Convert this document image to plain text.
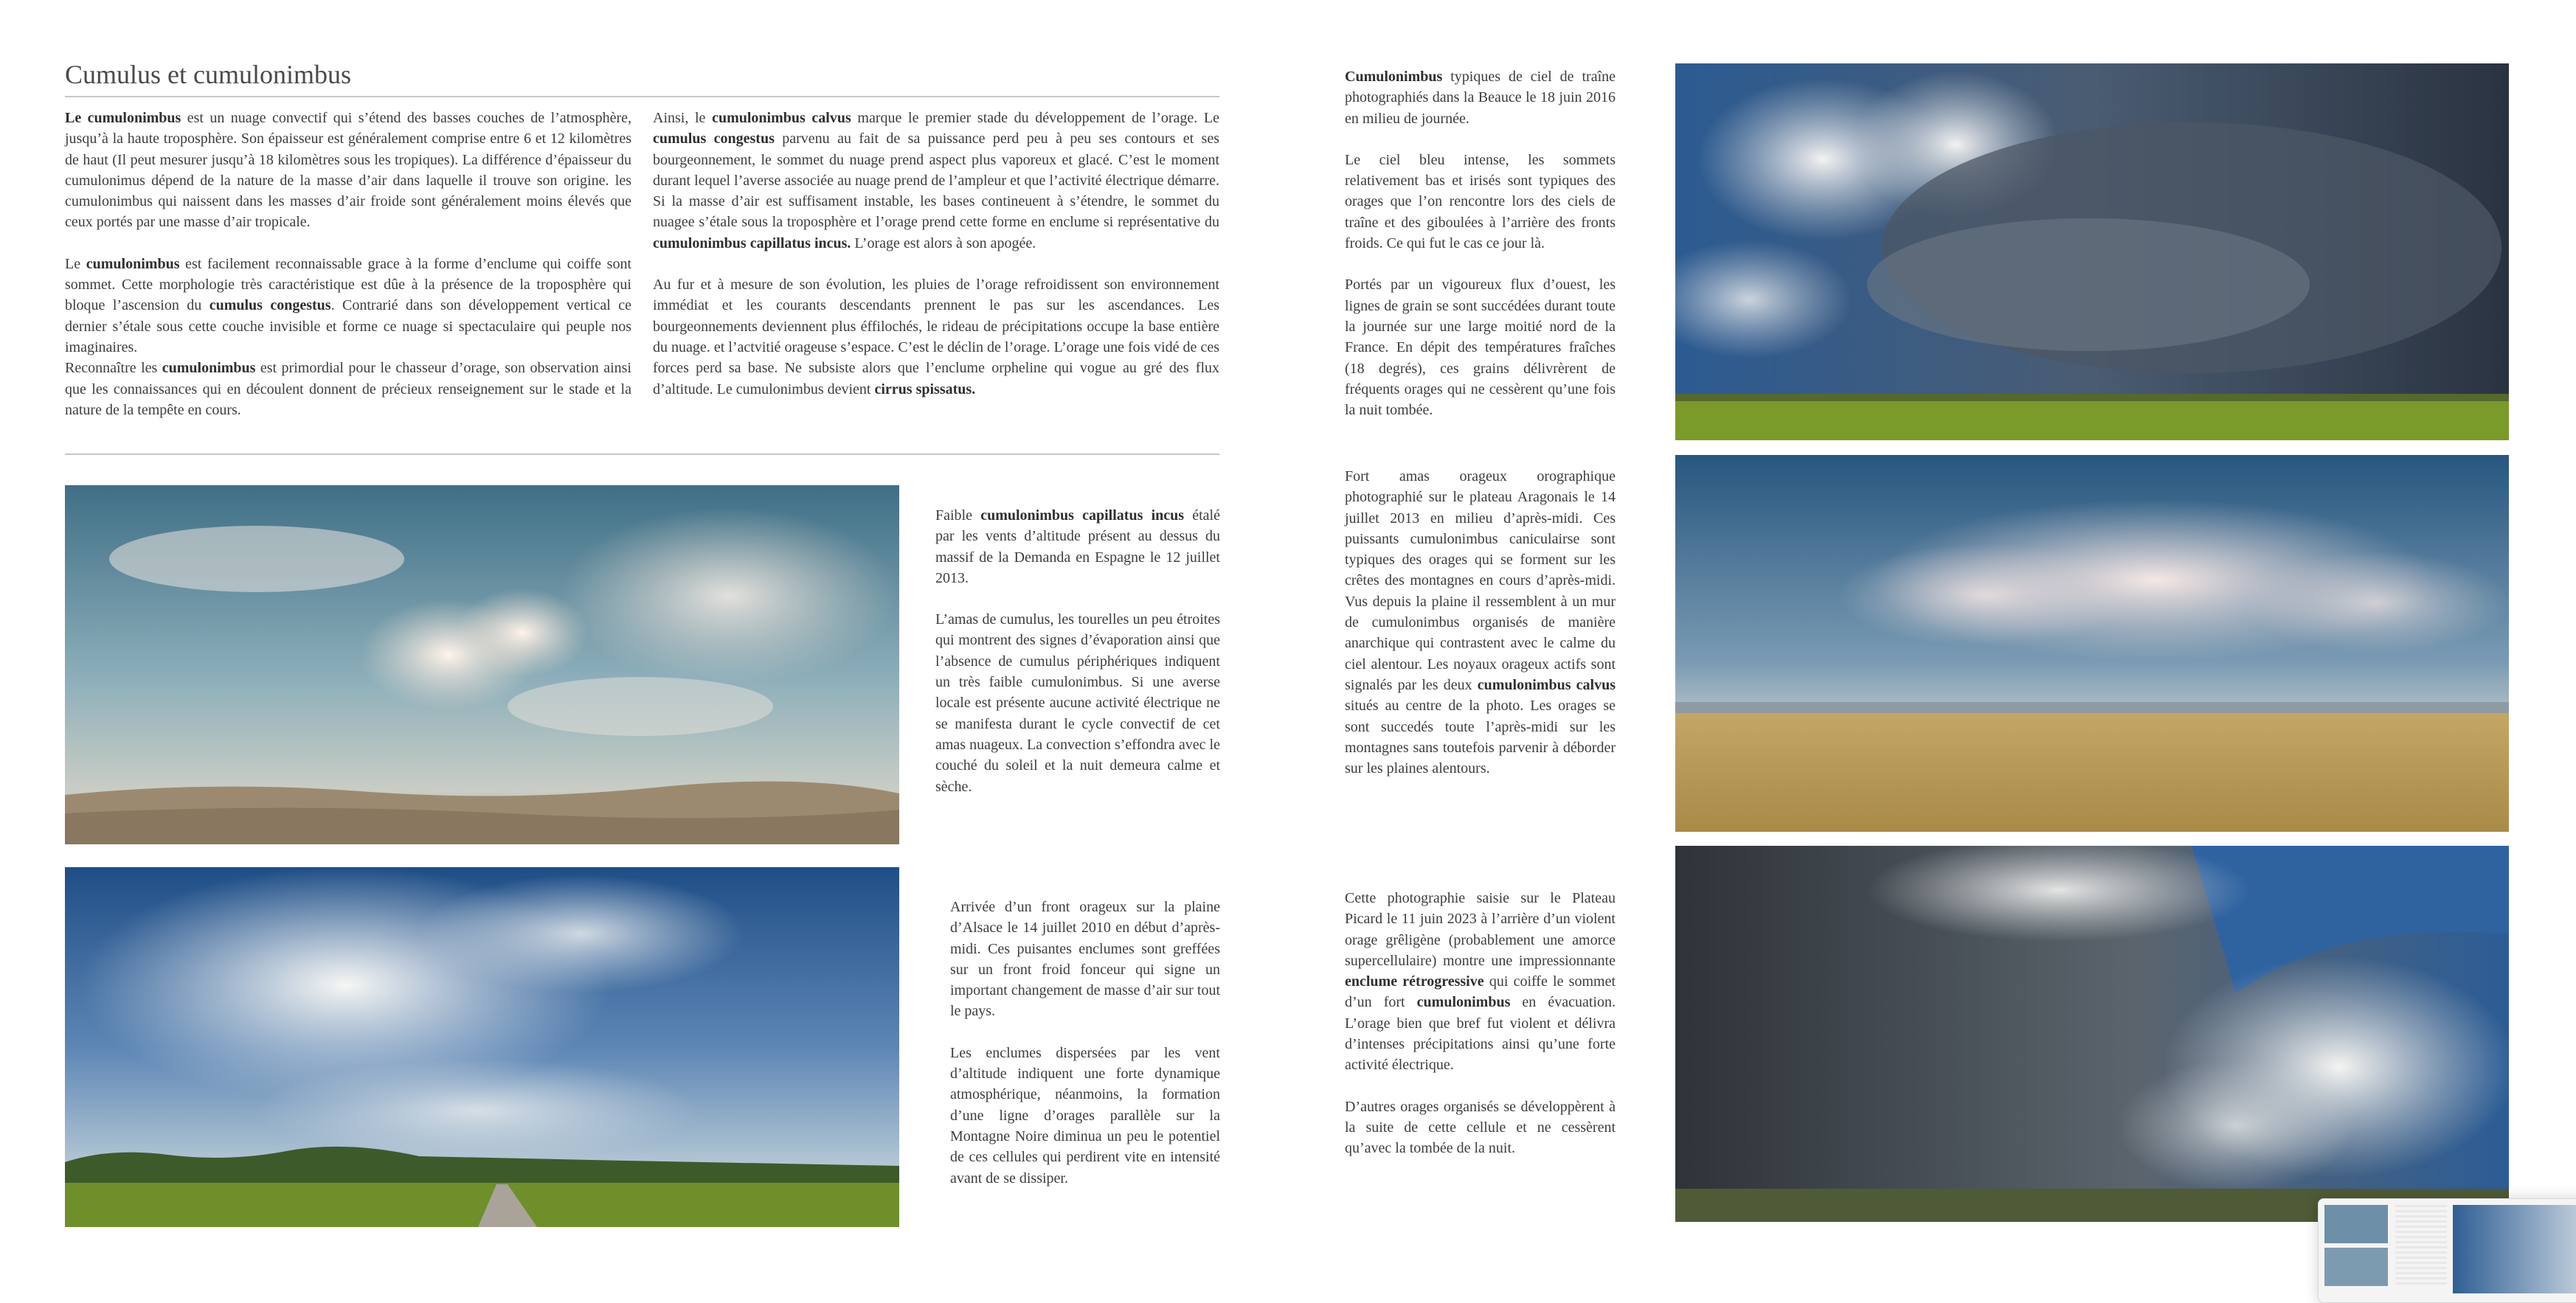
Cumulus et cumulonimbus

Le cumulonimbus est un nuage convectif qui s’étend des basses couches de l’atmosphère, jusqu’à la haute troposphère. Son épaisseur est généralement comprise entre 6 et 12 kilomètres de haut (Il peut mesurer jusqu’à 18 kilomètres sous les tropiques). La différence d’épaisseur du cumulonimus dépend de la nature de la masse d’air dans laquelle il trouve son origine. les cumulonimbus qui naissent dans les masses d’air froide sont généralement moins élevés que ceux portés par une masse d’air tropicale.

Le cumulonimbus est facilement reconnaissable grace à la forme d’enclume qui coiffe sont sommet. Cette morphologie très caractéristique est dûe à la présence de la troposphère qui bloque l’ascension du cumulus congestus. Contrarié dans son développement vertical ce dernier s’étale sous cette couche invisible et forme ce nuage si spectaculaire qui peuple nos imaginaires.

Reconnaître les cumulonimbus est primordial pour le chasseur d’orage, son observation ainsi que les connaissances qui en découlent donnent de précieux renseignement sur le stade et la nature de la tempête en cours.

Ainsi, le cumulonimbus calvus marque le premier stade du développement de l’orage. Le cumulus congestus parvenu au fait de sa puissance perd peu à peu ses contours et ses bourgeonnement, le sommet du nuage prend aspect plus vaporeux et glacé. C’est le moment durant lequel l’averse associée au nuage prend de l’ampleur et que l’activité électrique démarre. Si la masse d’air est suffisament instable, les bases contineuent à s’étendre, le sommet du nuagee s’étale sous la troposphère et l’orage prend cette forme en enclume si représentative du cumulonimbus capillatus incus. L’orage est alors à son apogée.

Au fur et à mesure de son évolution, les pluies de l’orage refroidissent son environnement immédiat et les courants descendants prennent le pas sur les ascendances. Les bourgeonnements deviennent plus éffilochés, le rideau de précipitations occupe la base entière du nuage. et l’actvitié orageuse s’espace. C’est le déclin de l’orage. L’orage une fois vidé de ces forces perd sa base. Ne subsiste alors que l’enclume orpheline qui vogue au gré des flux d’altitude. Le cumulonimbus devient cirrus spissatus.

Faible cumulonimbus capillatus incus étalé par les vents d’altitude présent au dessus du massif de la Demanda en Espagne le 12 juillet 2013.

L’amas de cumulus, les tourelles un peu étroites qui montrent des signes d’évaporation ainsi que l’absence de cumulus périphériques indiquent un très faible cumulonimbus. Si une averse locale est présente aucune activité électrique ne se manifesta durant le cycle convectif de cet amas nuageux. La convection s’effondra avec le couché du soleil et la nuit demeura calme et sèche.

Arrivée d’un front orageux sur la plaine d’Alsace le 14 juillet 2010 en début d’après-midi. Ces puisantes enclumes sont greffées sur un front froid fonceur qui signe un important changement de masse d’air sur tout le pays.

Les enclumes dispersées par les vent d’altitude indiquent une forte dynamique atmosphérique, néanmoins, la formation d’une ligne d’orages parallèle sur la Montagne Noire diminua un peu le potentiel de ces cellules qui perdirent vite en intensité avant de se dissiper.

Cumulonimbus typiques de ciel de traîne photographiés dans la Beauce le 18 juin 2016 en milieu de journée.

Le ciel bleu intense, les sommets relativement bas et irisés sont typiques des orages que l’on rencontre lors des ciels de traîne et des giboulées à l’arrière des fronts froids. Ce qui fut le cas ce jour là.

Portés par un vigoureux flux d’ouest, les lignes de grain se sont succédées durant toute la journée sur une large moitié nord de la France. En dépit des températures fraîches (18 degrés), ces grains délivrèrent de fréquents orages qui ne cessèrent qu’une fois la nuit tombée.

Fort amas orageux orographique photographié sur le plateau Aragonais le 14 juillet 2013 en milieu d’après-midi. Ces puissants cumulonimbus caniculairse sont typiques des orages qui se forment sur les crêtes des montagnes en cours d’après-midi. Vus depuis la plaine il ressemblent à un mur de cumulonimbus organisés de manière anarchique qui contrastent avec le calme du ciel alentour. Les noyaux orageux actifs sont signalés par les deux cumulonimbus calvus situés au centre de la photo. Les orages se sont succedés toute l’après-midi sur les montagnes sans toutefois parvenir à déborder sur les plaines alentours.

Cette photographie saisie sur le Plateau Picard le 11 juin 2023 à l’arrière d’un violent orage grêligène (probablement une amorce supercellulaire) montre une impressionnante enclume rétrogressive qui coiffe le sommet d’un fort cumulonimbus en évacuation. L’orage bien que bref fut violent et délivra d’intenses précipitations ainsi qu’une forte activité électrique.

D’autres orages organisés se développèrent à la suite de cette cellule et ne cessèrent qu’avec la tombée de la nuit.
